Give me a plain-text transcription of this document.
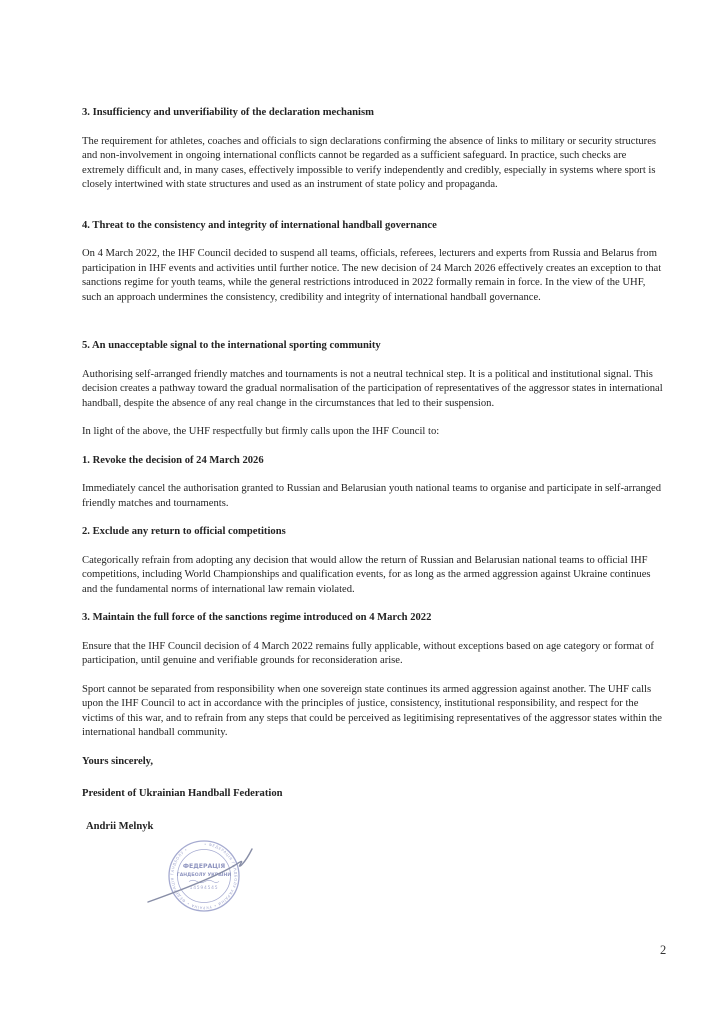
3. Insufficiency and unverifiability of the declaration mechanism

The requirement for athletes, coaches and officials to sign declarations confirming the absence of links to military or security structures and non-involvement in ongoing international conflicts cannot be regarded as a sufficient safeguard. In practice, such checks are extremely difficult and, in many cases, effectively impossible to verify independently and credibly, especially in systems where sport is closely intertwined with state structures and used as an instrument of state policy and propaganda.

4. Threat to the consistency and integrity of international handball governance

On 4 March 2022, the IHF Council decided to suspend all teams, officials, referees, lecturers and experts from Russia and Belarus from participation in IHF events and activities until further notice. The new decision of 24 March 2026 effectively creates an exception to that sanctions regime for youth teams, while the general restrictions introduced in 2022 formally remain in force. In the view of the UHF, such an approach undermines the consistency, credibility and integrity of international handball governance.

5. An unacceptable signal to the international sporting community

Authorising self-arranged friendly matches and tournaments is not a neutral technical step. It is a political and institutional signal. This decision creates a pathway toward the gradual normalisation of the participation of representatives of the aggressor states in international handball, despite the absence of any real change in the circumstances that led to their suspension.

In light of the above, the UHF respectfully but firmly calls upon the IHF Council to:

1. Revoke the decision of 24 March 2026

Immediately cancel the authorisation granted to Russian and Belarusian youth national teams to organise and participate in self-arranged friendly matches and tournaments.

2. Exclude any return to official competitions

Categorically refrain from adopting any decision that would allow the return of Russian and Belarusian national teams to official IHF competitions, including World Championships and qualification events, for as long as the armed aggression against Ukraine continues and the fundamental norms of international law remain violated.

3. Maintain the full force of the sanctions regime introduced on 4 March 2022

Ensure that the IHF Council decision of 4 March 2022 remains fully applicable, without exceptions based on age category or format of participation, until genuine and verifiable grounds for reconsideration arise.

Sport cannot be separated from responsibility when one sovereign state continues its armed aggression against another. The UHF calls upon the IHF Council to act in accordance with the principles of justice, consistency, institutional responsibility, and respect for the victims of this war, and to refrain from any steps that could be perceived as legitimising representatives of the aggressor states within the international handball community.

Yours sincerely,
President of Ukrainian Handball Federation
Andrii Melnyk
• ФЕДЕРАЦІЯ ГАНДБОЛУ УКРАЇНИ • УКРАЇНА • ФЕДЕРАЦІЯ ГАНДБОЛУ •
ФЕДЕРАЦІЯ
ГАНДБОЛУ УКРАЇНИ
14594545
2
